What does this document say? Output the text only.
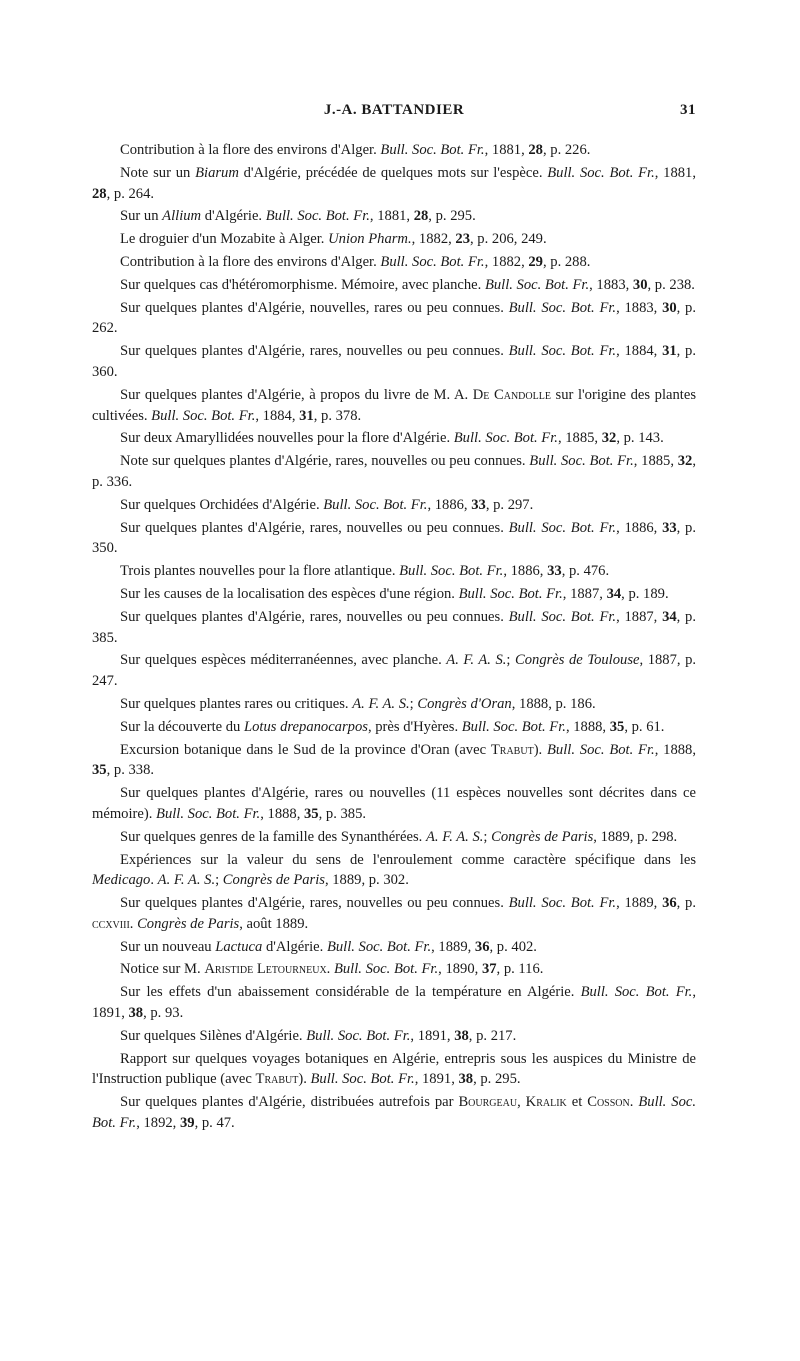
J.-A. BATTANDIER	31

Contribution à la flore des environs d'Alger. Bull. Soc. Bot. Fr., 1881, 28, p. 226.

Note sur un Biarum d'Algérie, précédée de quelques mots sur l'espèce. Bull. Soc. Bot. Fr., 1881, 28, p. 264.

Sur un Allium d'Algérie. Bull. Soc. Bot. Fr., 1881, 28, p. 295.

Le droguier d'un Mozabite à Alger. Union Pharm., 1882, 23, p. 206, 249.

Contribution à la flore des environs d'Alger. Bull. Soc. Bot. Fr., 1882, 29, p. 288.

Sur quelques cas d'hétéromorphisme. Mémoire, avec planche. Bull. Soc. Bot. Fr., 1883, 30, p. 238.

Sur quelques plantes d'Algérie, nouvelles, rares ou peu connues. Bull. Soc. Bot. Fr., 1883, 30, p. 262.

Sur quelques plantes d'Algérie, rares, nouvelles ou peu connues. Bull. Soc. Bot. Fr., 1884, 31, p. 360.

Sur quelques plantes d'Algérie, à propos du livre de M. A. De Candolle sur l'origine des plantes cultivées. Bull. Soc. Bot. Fr., 1884, 31, p. 378.

Sur deux Amaryllidées nouvelles pour la flore d'Algérie. Bull. Soc. Bot. Fr., 1885, 32, p. 143.

Note sur quelques plantes d'Algérie, rares, nouvelles ou peu connues. Bull. Soc. Bot. Fr., 1885, 32, p. 336.

Sur quelques Orchidées d'Algérie. Bull. Soc. Bot. Fr., 1886, 33, p. 297.

Sur quelques plantes d'Algérie, rares, nouvelles ou peu connues. Bull. Soc. Bot. Fr., 1886, 33, p. 350.

Trois plantes nouvelles pour la flore atlantique. Bull. Soc. Bot. Fr., 1886, 33, p. 476.

Sur les causes de la localisation des espèces d'une région. Bull. Soc. Bot. Fr., 1887, 34, p. 189.

Sur quelques plantes d'Algérie, rares, nouvelles ou peu connues. Bull. Soc. Bot. Fr., 1887, 34, p. 385.

Sur quelques espèces méditerranéennes, avec planche. A. F. A. S.; Congrès de Toulouse, 1887, p. 247.

Sur quelques plantes rares ou critiques. A. F. A. S.; Congrès d'Oran, 1888, p. 186.

Sur la découverte du Lotus drepanocarpos, près d'Hyères. Bull. Soc. Bot. Fr., 1888, 35, p. 61.

Excursion botanique dans le Sud de la province d'Oran (avec Trabut). Bull. Soc. Bot. Fr., 1888, 35, p. 338.

Sur quelques plantes d'Algérie, rares ou nouvelles (11 espèces nouvelles sont décrites dans ce mémoire). Bull. Soc. Bot. Fr., 1888, 35, p. 385.

Sur quelques genres de la famille des Synanthérées. A. F. A. S.; Congrès de Paris, 1889, p. 298.

Expériences sur la valeur du sens de l'enroulement comme caractère spécifique dans les Medicago. A. F. A. S.; Congrès de Paris, 1889, p. 302.

Sur quelques plantes d'Algérie, rares, nouvelles ou peu connues. Bull. Soc. Bot. Fr., 1889, 36, p. ccxviii. Congrès de Paris, août 1889.

Sur un nouveau Lactuca d'Algérie. Bull. Soc. Bot. Fr., 1889, 36, p. 402.

Notice sur M. Aristide Letourneux. Bull. Soc. Bot. Fr., 1890, 37, p. 116.

Sur les effets d'un abaissement considérable de la température en Algérie. Bull. Soc. Bot. Fr., 1891, 38, p. 93.

Sur quelques Silènes d'Algérie. Bull. Soc. Bot. Fr., 1891, 38, p. 217.

Rapport sur quelques voyages botaniques en Algérie, entrepris sous les auspices du Ministre de l'Instruction publique (avec Trabut). Bull. Soc. Bot. Fr., 1891, 38, p. 295.

Sur quelques plantes d'Algérie, distribuées autrefois par Bourgeau, Kralik et Cosson. Bull. Soc. Bot. Fr., 1892, 39, p. 47.
